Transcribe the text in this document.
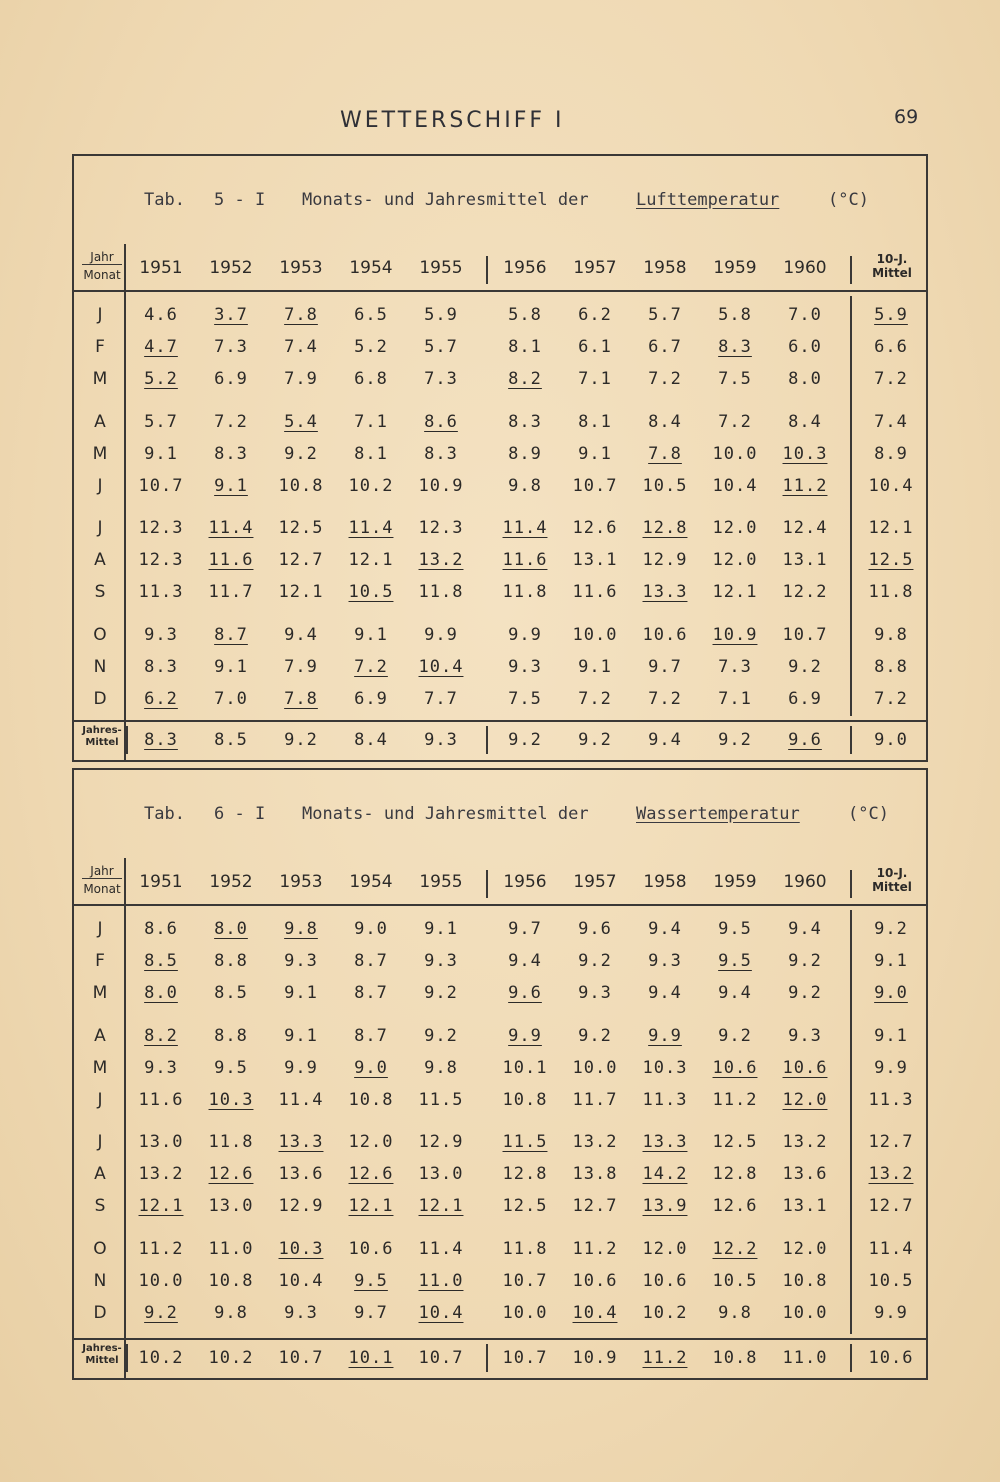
WETTERSCHIFF I	69
Tab. 5 - I Monats- und Jahresmittel der	Lufttemperatur	(°C)
Jahr
Monat	1951	1952	1953	1954	1955	1956	1957	1958	1959	1960	10-J. Mittel
J	4.6	3.7	7.8	6.5	5.9	5.8	6.2	5.7	5.8	7.0	5.9
F	4.7	7.3	7.4	5.2	5.7	8.1	6.1	6.7	8.3	6.0	6.6
M	5.2	6.9	7.9	6.8	7.3	8.2	7.1	7.2	7.5	8.0	7.2
A	5.7	7.2	5.4	7.1	8.6	8.3	8.1	8.4	7.2	8.4	7.4
M	9.1	8.3	9.2	8.1	8.3	8.9	9.1	7.8	10.0	10.3	8.9
J	10.7	9.1	10.8	10.2	10.9	9.8	10.7	10.5	10.4	11.2	10.4
J	12.3	11.4	12.5	11.4	12.3	11.4	12.6	12.8	12.0	12.4	12.1
A	12.3	11.6	12.7	12.1	13.2	11.6	13.1	12.9	12.0	13.1	12.5
S	11.3	11.7	12.1	10.5	11.8	11.8	11.6	13.3	12.1	12.2	11.8
O	9.3	8.7	9.4	9.1	9.9	9.9	10.0	10.6	10.9	10.7	9.8
N	8.3	9.1	7.9	7.2	10.4	9.3	9.1	9.7	7.3	9.2	8.8
D	6.2	7.0	7.8	6.9	7.7	7.5	7.2	7.2	7.1	6.9	7.2
Jahres- Mittel	8.3	8.5	9.2	8.4	9.3	9.2	9.2	9.4	9.2	9.6	9.0
Tab. 6 - I Monats- und Jahresmittel der	Wassertemperatur	(°C)
Jahr
Monat	1951	1952	1953	1954	1955	1956	1957	1958	1959	1960	10-J. Mittel
J	8.6	8.0	9.8	9.0	9.1	9.7	9.6	9.4	9.5	9.4	9.2
F	8.5	8.8	9.3	8.7	9.3	9.4	9.2	9.3	9.5	9.2	9.1
M	8.0	8.5	9.1	8.7	9.2	9.6	9.3	9.4	9.4	9.2	9.0
A	8.2	8.8	9.1	8.7	9.2	9.9	9.2	9.9	9.2	9.3	9.1
M	9.3	9.5	9.9	9.0	9.8	10.1	10.0	10.3	10.6	10.6	9.9
J	11.6	10.3	11.4	10.8	11.5	10.8	11.7	11.3	11.2	12.0	11.3
J	13.0	11.8	13.3	12.0	12.9	11.5	13.2	13.3	12.5	13.2	12.7
A	13.2	12.6	13.6	12.6	13.0	12.8	13.8	14.2	12.8	13.6	13.2
S	12.1	13.0	12.9	12.1	12.1	12.5	12.7	13.9	12.6	13.1	12.7
O	11.2	11.0	10.3	10.6	11.4	11.8	11.2	12.0	12.2	12.0	11.4
N	10.0	10.8	10.4	9.5	11.0	10.7	10.6	10.6	10.5	10.8	10.5
D	9.2	9.8	9.3	9.7	10.4	10.0	10.4	10.2	9.8	10.0	9.9
Jahres- Mittel	10.2	10.2	10.7	10.1	10.7	10.7	10.9	11.2	10.8	11.0	10.6
